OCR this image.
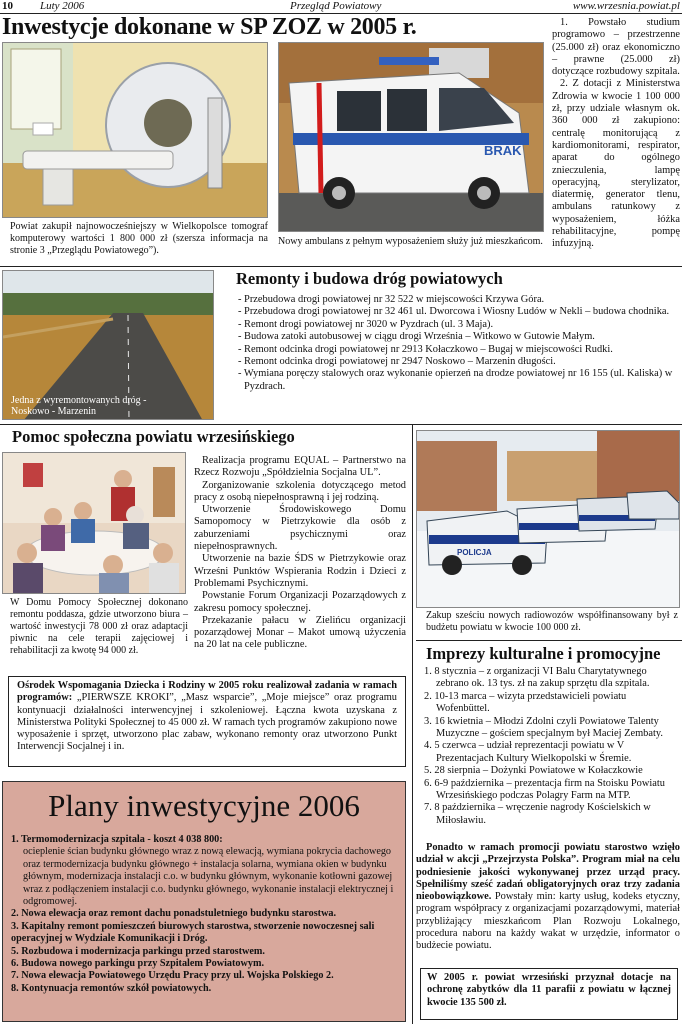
10 Luty 2006	Przegląd Powiatowy	www.wrzesnia.powiat.pl
Inwestycje dokonane w SP ZOZ w 2005 r.
Powiat zakupił najnowocześniejszy w Wielkopolsce tomograf komputerowy wartości 1 800 000 zł (szersza informacja na stronie 3 „Przeglądu Powiatowego”).
BRAK
Nowy ambulans z pełnym wyposażeniem służy już mieszkańcom.

1. Powstało studium programowo – przestrzenne (25.000 zł) oraz ekonomiczno – prawne (25.000 zł) dotyczące rozbudowy szpitala.

2. Z dotacji z Ministerstwa Zdrowia w kwocie 1 100 000 zł, przy udziale własnym ok. 360 000 zł zakupiono: centralę monitorującą z kardiomonitorami, respirator, aparat do ogólnego znieczulenia, lampę operacyjną, sterylizator, diatermię, generator tlenu, ambulans ratunkowy z wyposażeniem, łóżka rehabilitacyjne, pompę infuzyjną.

Jedna z wyremontowanych dróg - Noskowo - Marzenin
Remonty i budowa dróg powiatowych
- Przebudowa drogi powiatowej nr 32 522 w miejscowości Krzywa Góra.
- Przebudowa drogi powiatowej nr 32 461 ul. Dworcowa i Wiosny Ludów w Nekli – budowa chodnika.
- Remont drogi powiatowej nr 3020 w Pyzdrach (ul. 3 Maja).
- Budowa zatoki autobusowej w ciągu drogi Września – Witkowo w Gutowie Małym.
- Remont odcinka drogi powiatowej nr 2913 Kołaczkowo – Bugaj w miejscowości Rudki.
- Remont odcinka drogi powiatowej nr 2947 Noskowo – Marzenin długości.
- Wymiana poręczy stalowych oraz wykonanie opierzeń na drodze powiatowej nr 16 155 (ul. Kaliska) w Pyzdrach.
Pomoc społeczna powiatu wrzesińskiego
W Domu Pomocy Społecznej dokonano remontu poddasza, gdzie utworzono biura – wartość inwestycji 78 000 zł oraz adaptacji piwnic na cele terapii zajęciowej i rehabilitacji za kwotę 94 000 zł.

Realizacja programu EQUAL – Partnerstwo na Rzecz Rozwoju „Spółdzielnia Socjalna UL”.

Zorganizowanie szkolenia dotyczącego metod pracy z osobą niepełnosprawną i jej rodziną.

Utworzenie Środowiskowego Domu Samopomocy w Pietrzykowie dla osób z zaburzeniami psychicznymi oraz niepełnosprawnych.

Utworzenie na bazie ŚDS w Pietrzykowie oraz Wrześni Punktów Wspierania Rodzin i Dzieci z Problemami Psychicznymi.

Powstanie Forum Organizacji Pozarządowych z zakresu pomocy społecznej.

Przekazanie pałacu w Zielińcu organizacji pozarządowej Monar – Makot umową użyczenia na 20 lat na cele publiczne.

Ośrodek Wspomagania Dziecka i Rodziny w 2005 roku realizował zadania w ramach programów: „PIERWSZE KROKI”, „Masz wsparcie”, „Moje miejsce” oraz programu kontynuacji działalności interwencyjnej i szkoleniowej. Łączna kwota uzyskana z Ministerstwa Polityki Społecznej to 45 000 zł. W ramach tych programów zakupiono nowe wyposażenie i sprzęt, utworzono plac zabaw, wykonano remonty oraz utworzono Punkt Interwencji Socjalnej i in.
POLICJA
Zakup sześciu nowych radiowozów współfinansowany był z budżetu powiatu w kwocie 100 000 zł.
Imprezy kulturalne i promocyjne
1. 8 stycznia – z organizacji VI Balu Charytatywnego zebrano ok. 13 tys. zł na zakup sprzętu dla szpitala.
2. 10-13 marca – wizyta przedstawicieli powiatu Wofenbüttel.
3. 16 kwietnia – Młodzi Zdolni czyli Powiatowe Talenty Muzyczne – gościem specjalnym był Maciej Zembaty.
4. 5 czerwca – udział reprezentacji powiatu w V Prezentacjach Kultury Wielkopolski w Śremie.
5. 28 sierpnia – Dożynki Powiatowe w Kołaczkowie
6. 6-9 października – prezentacja firm na Stoisku Powiatu Wrzesińskiego podczas Polagry Farm na MTP.
7. 8 października – wręczenie nagrody Kościelskich w Miłosławiu.
Ponadto w ramach promocji powiatu starostwo wzięło udział w akcji „Przejrzysta Polska”. Program miał na celu podniesienie jakości wykonywanej przez urząd pracy. Spełniliśmy sześć zadań obligatoryjnych oraz trzy zadania nieobowiązkowe. Powstały min: karty usług, kodeks etyczny, program współpracy z organizacjami pozarządowymi, materiał przybliżający mieszkańcom Plan Rozwoju Lokalnego, procedura naboru na każdy wakat w urzędzie, informator o budżecie powiatu.
W 2005 r. powiat wrzesiński przyznał dotacje na ochronę zabytków dla 11 parafii z powiatu w łącznej kwocie 135 500 zł.
Plany inwestycyjne 2006
1. Termomodernizacja szpitala - koszt 4 038 800:
ocieplenie ścian budynku głównego wraz z nową elewacją, wymiana pokrycia dachowego oraz termodernizacja budynku głównego + instalacja solarna, wymiana okien w budynku głównym, modernizacja instalacji c.o. w budynku głównym, wykonanie kotłowni gazowej wraz z podłączeniem instalacji c.o. budynku głównego, wykonanie instalacji elektrycznej i odgromowej.
2. Nowa elewacja oraz remont dachu ponadstuletniego budynku starostwa.
3. Kapitalny remont pomieszczeń biurowych starostwa, stworzenie nowoczesnej sali operacyjnej w Wydziale Komunikacji i Dróg.
5. Rozbudowa i modernizacja parkingu przed starostwem.
6. Budowa nowego parkingu przy Szpitalem Powiatowym.
7. Nowa elewacja Powiatowego Urzędu Pracy przy ul. Wojska Polskiego 2.
8. Kontynuacja remontów szkół powiatowych.
